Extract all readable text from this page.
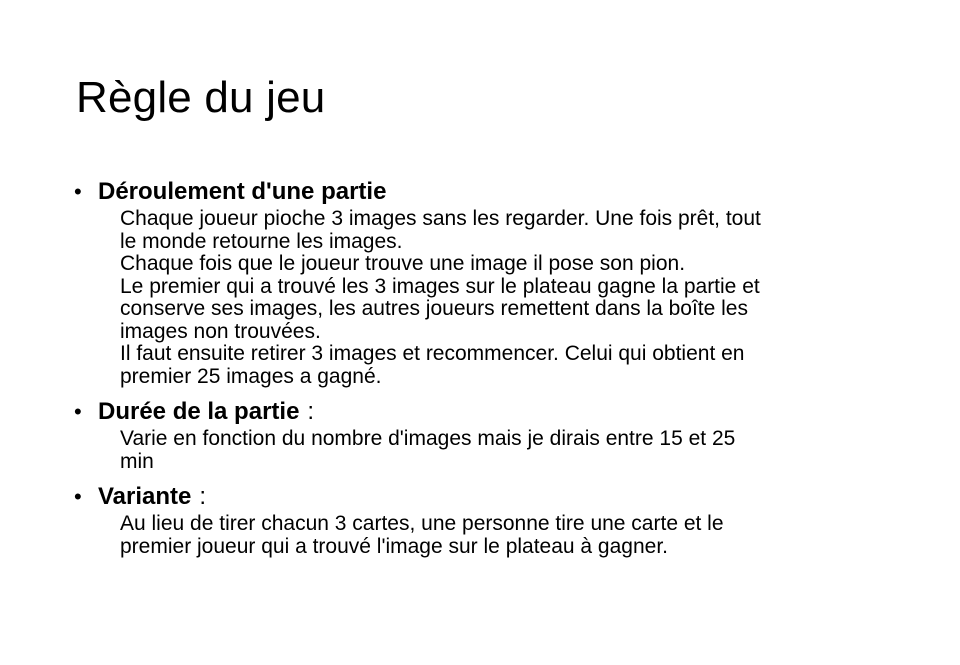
Règle du jeu
• Déroulement d'une partie
Chaque joueur pioche 3 images sans les regarder. Une fois prêt, tout
le monde retourne les images.
Chaque fois que le joueur trouve une image il pose son pion.
Le premier qui a trouvé les 3 images sur le plateau gagne la partie et
conserve ses images, les autres joueurs remettent dans la boîte les
images non trouvées.
Il faut ensuite retirer 3 images et recommencer. Celui qui obtient en
premier 25 images a gagné.
• Durée de la partie :
Varie en fonction du nombre d'images mais je dirais entre 15 et 25
min
• Variante :
Au lieu de tirer chacun 3 cartes, une personne tire une carte et le
premier joueur qui a trouvé l'image sur le plateau à gagner.
